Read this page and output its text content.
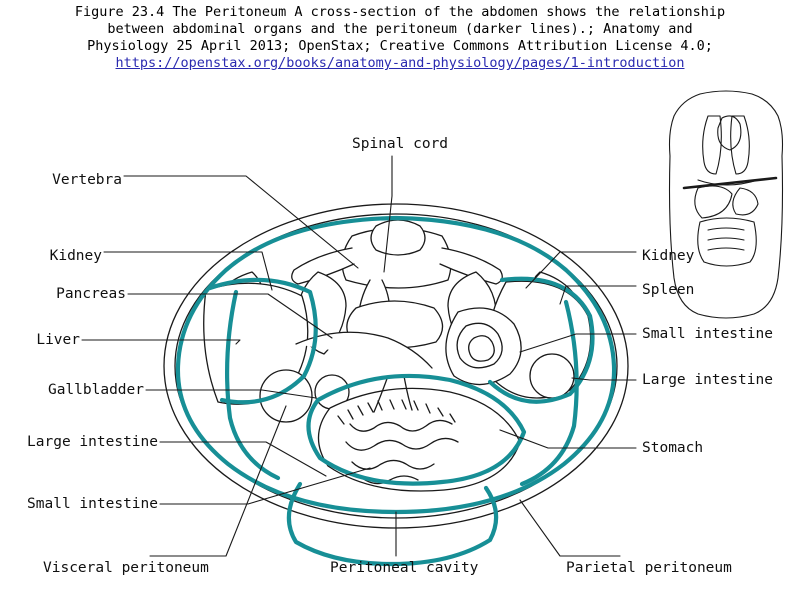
Figure 23.4 The Peritoneum A cross-section of the abdomen shows the relationship
between abdominal organs and the peritoneum (darker lines).; Anatomy and
Physiology 25 April 2013; OpenStax; Creative Commons Attribution License 4.0;
https://openstax.org/books/anatomy-and-physiology/pages/1-introduction
Vertebra
Kidney
Pancreas
Liver
Gallbladder
Large intestine
Small intestine
Kidney
Spleen
Small intestine
Large intestine
Stomach
Spinal cord
Visceral peritoneum	Peritoneal cavity	Parietal peritoneum
